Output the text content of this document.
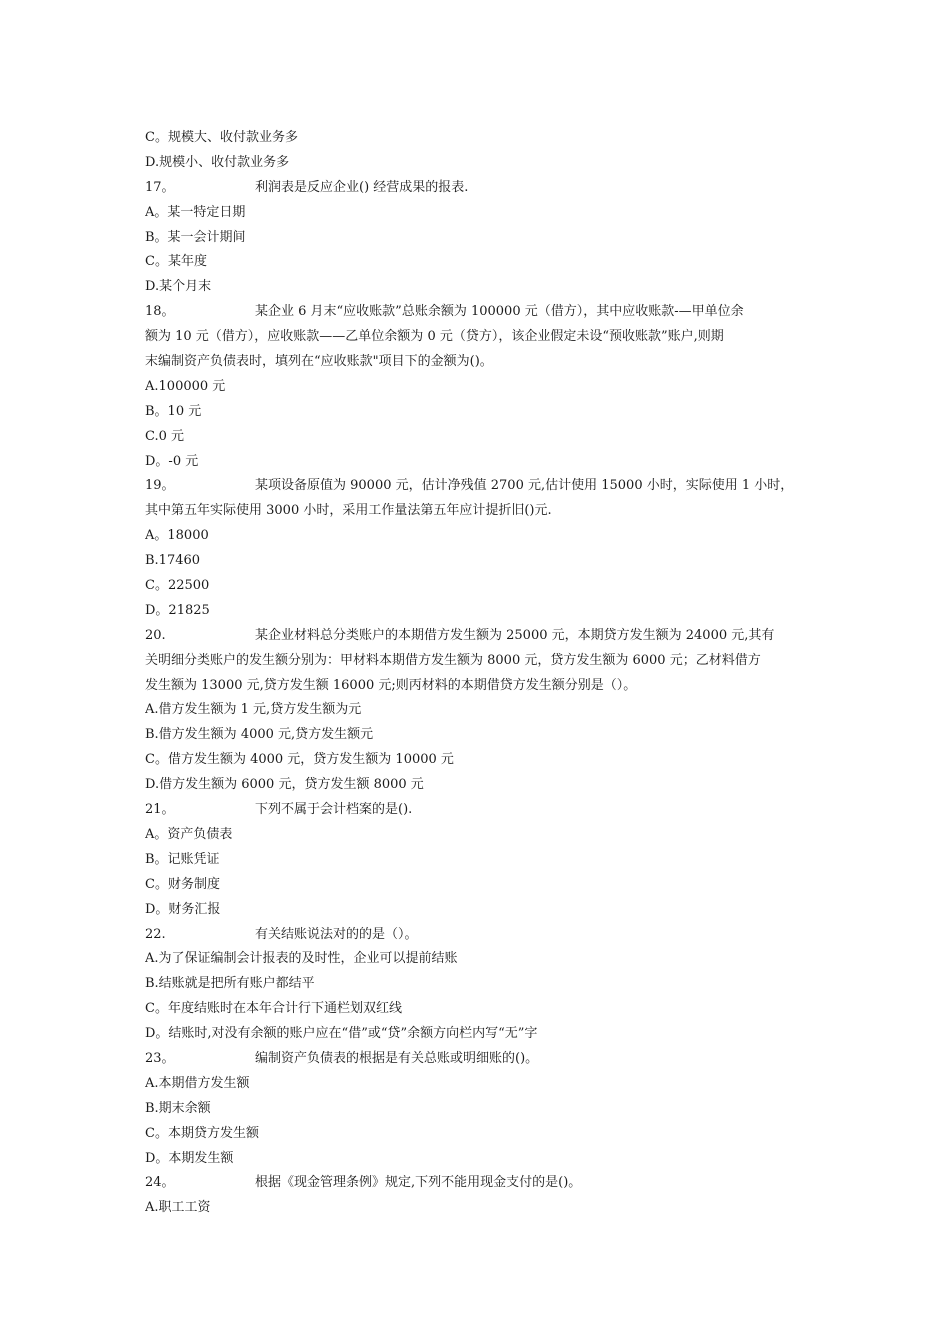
C。规模大、收付款业务多
D.规模小、收付款业务多
17。	利润表是反应企业() 经营成果的报表.
A。某一特定日期
B。某一会计期间
C。某年度
D.某个月末
18。	某企业 6 月末“应收账款”总账余额为 100000 元（借方），其中应收账款-—甲单位余
额为 10 元（借方），应收账款——乙单位余额为 0 元（贷方），该企业假定未设“预收账款”账户,则期
末编制资产负债表时，填列在“应收账款"项目下的金额为()。
A.100000 元
B。10 元
C.0 元
D。-0 元
19。	某项设备原值为 90000 元，估计净残值 2700 元,估计使用 15000 小时，实际使用 1 小时，
其中第五年实际使用 3000 小时，采用工作量法第五年应计提折旧()元.
A。18000
B.17460
C。22500
D。21825
20.	某企业材料总分类账户的本期借方发生额为 25000 元，本期贷方发生额为 24000 元,其有
关明细分类账户的发生额分别为：甲材料本期借方发生额为 8000 元，贷方发生额为 6000 元；乙材料借方
发生额为 13000 元,贷方发生额 16000 元;则丙材料的本期借贷方发生额分别是（）。
A.借方发生额为 1 元,贷方发生额为元
B.借方发生额为 4000 元,贷方发生额元
C。借方发生额为 4000 元，贷方发生额为 10000 元
D.借方发生额为 6000 元，贷方发生额 8000 元
21。	下列不属于会计档案的是().
A。资产负债表
B。记账凭证
C。财务制度
D。财务汇报
22.	有关结账说法对的的是（）。
A.为了保证编制会计报表的及时性，企业可以提前结账
B.结账就是把所有账户都结平
C。年度结账时在本年合计行下通栏划双红线
D。结账时,对没有余额的账户应在“借”或“贷”余额方向栏内写“无”字
23。	编制资产负债表的根据是有关总账或明细账的()。
A.本期借方发生额
B.期末余额
C。本期贷方发生额
D。本期发生额
24。	根据《现金管理条例》规定,下列不能用现金支付的是()。
A.职工工资
